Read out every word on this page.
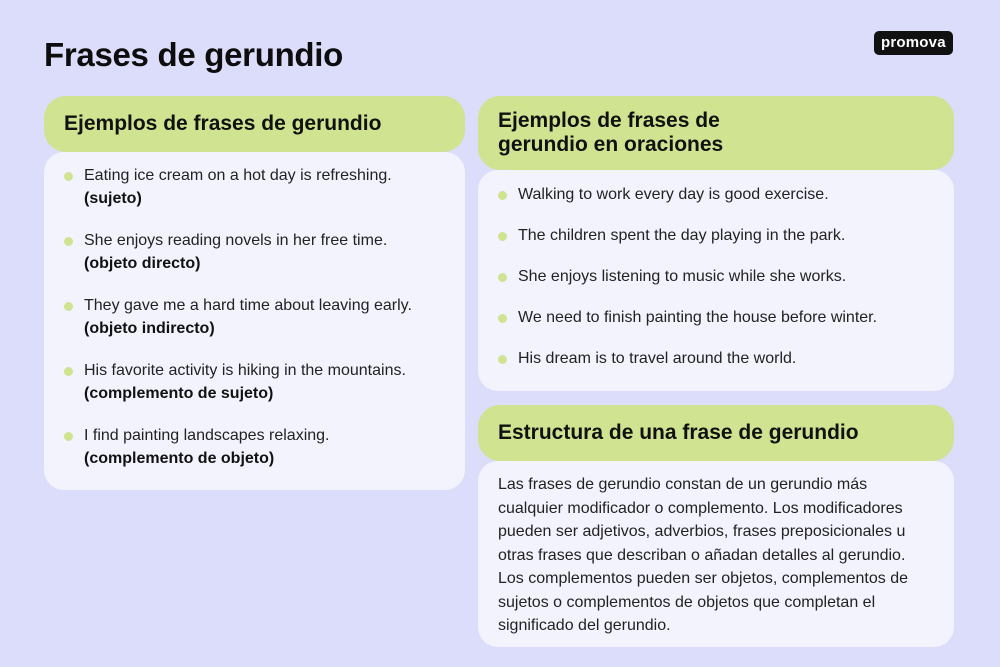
Frases de gerundio	promova
Eating ice cream on a hot day is refreshing.
(sujeto)
She enjoys reading novels in her free time.
(objeto directo)
They gave me a hard time about leaving early. (objeto indirecto)
His favorite activity is hiking in the mountains. (complemento de sujeto)
I find painting landscapes relaxing.
(complemento de objeto)
Ejemplos de frases de gerundio
Walking to work every day is good exercise.
The children spent the day playing in the park.
She enjoys listening to music while she works.
We need to finish painting the house before winter.
His dream is to travel around the world.
Ejemplos de frases de
gerundio en oraciones
Las frases de gerundio constan de un gerundio más cualquier modificador o complemento. Los modificadores pueden ser adjetivos, adverbios, frases preposicionales u otras frases que describan o añadan detalles al gerundio. Los complementos pueden ser objetos, complementos de sujetos o complementos de objetos que completan el significado del gerundio.
Estructura de una frase de gerundio
